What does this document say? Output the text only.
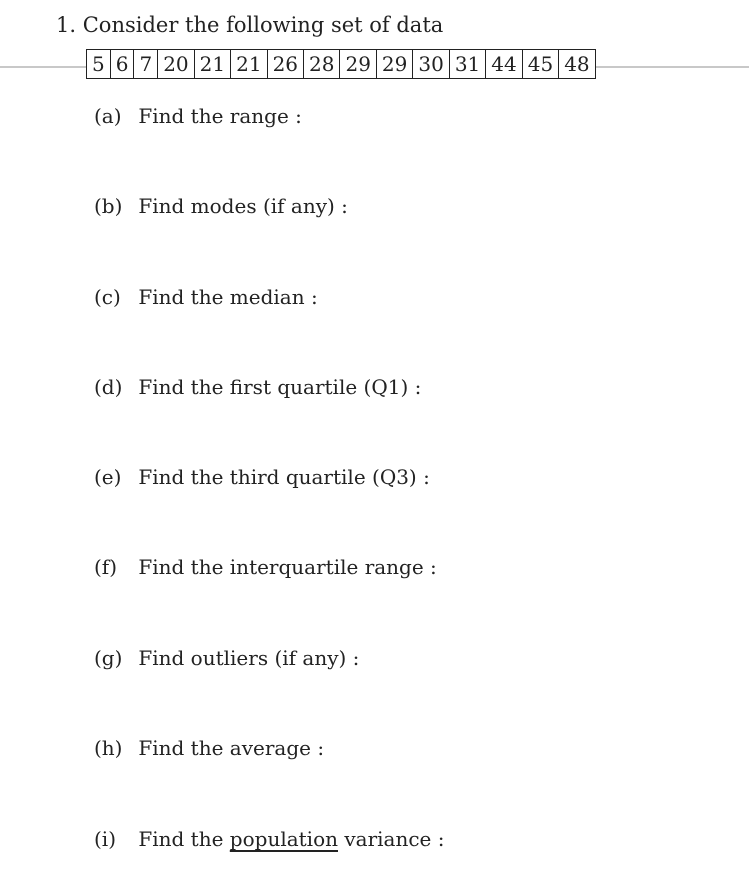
1. Consider the following set of data
5	6	7	20	21	21	26	28	29	29	30	31	44	45	48
(a) Find the range :
(b) Find modes (if any) :
(c) Find the median :
(d) Find the first quartile (Q1) :
(e) Find the third quartile (Q3) :
(f) Find the interquartile range :
(g) Find outliers (if any) :
(h) Find the average :
(i) Find the population variance :
